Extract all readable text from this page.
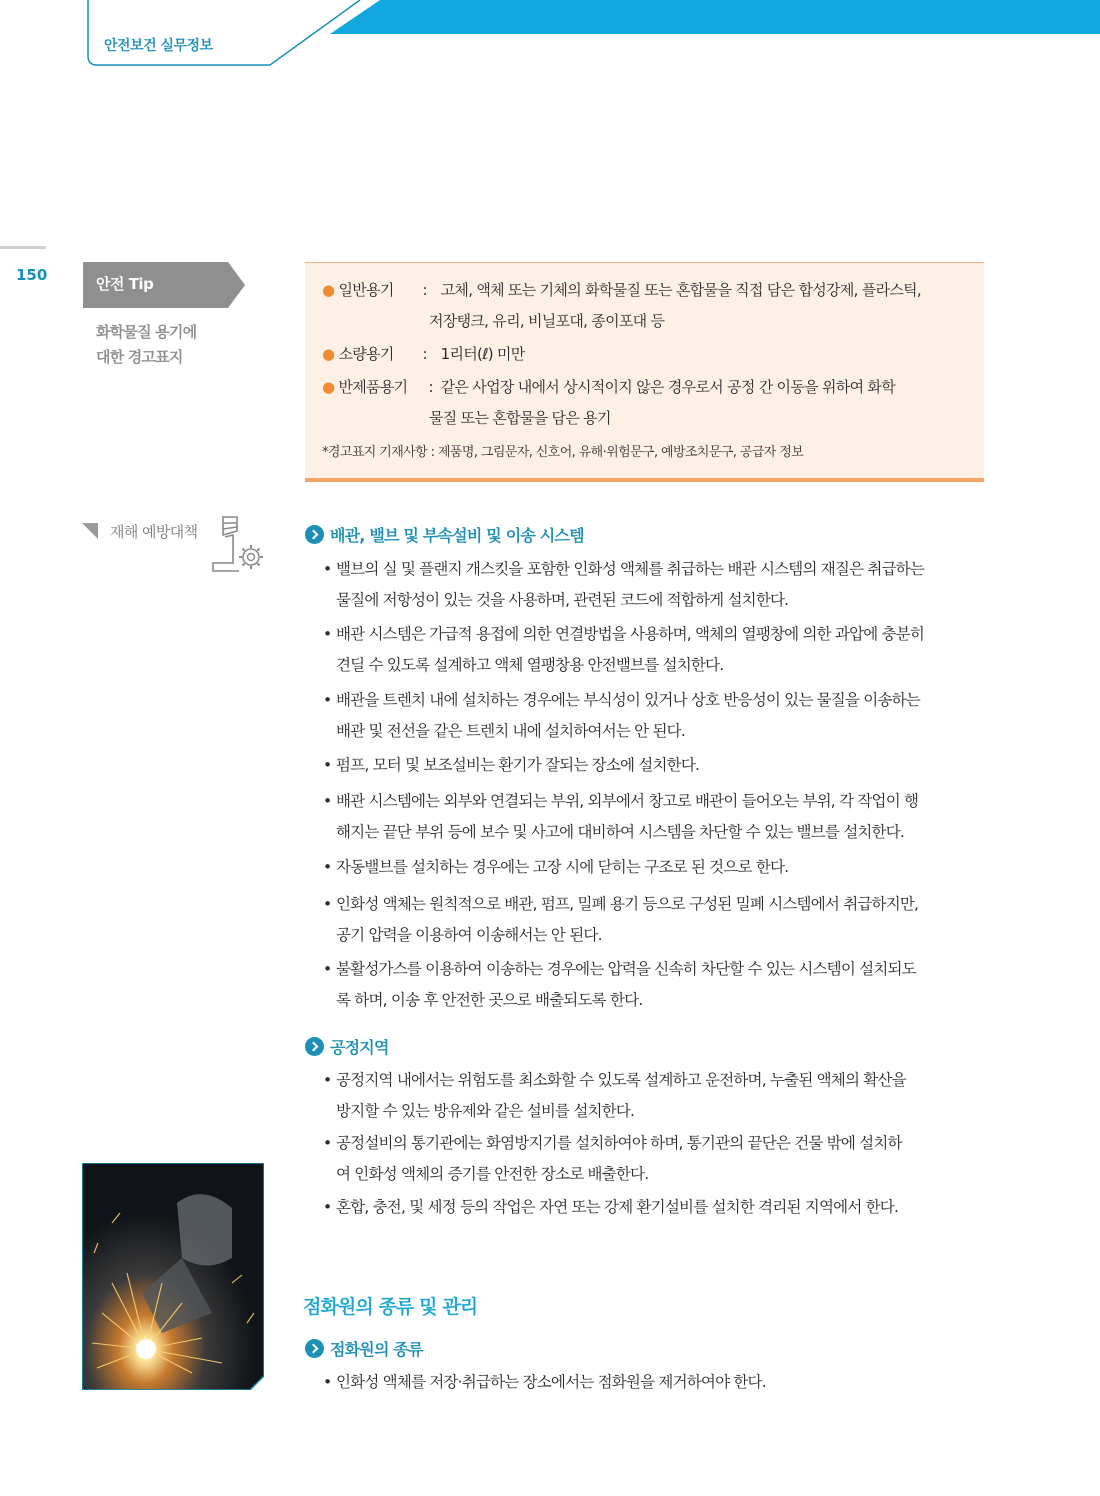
안전보건 실무정보
150	안전 Tip
화학물질 용기에
대한 경고표지
● 일반용기 : 고체, 액체 또는 기체의 화학물질 또는 혼합물을 직접 담은 합성강제, 플라스틱,
저장탱크, 유리, 비닐포대, 종이포대 등
● 소량용기 : 1리터(ℓ) 미만
● 반제품용기 : 같은 사업장 내에서 상시적이지 않은 경우로서 공정 간 이동을 위하여 화학
물질 또는 혼합물을 담은 용기
*경고표지 기재사항 : 제품명, 그림문자, 신호어, 유해·위험문구, 예방조치문구, 공급자 정보
재해 예방대책	배관, 밸브 및 부속설비 및 이송 시스템
• 밸브의 실 및 플랜지 개스킷을 포함한 인화성 액체를 취급하는 배관 시스템의 재질은 취급하는
물질에 저항성이 있는 것을 사용하며, 관련된 코드에 적합하게 설치한다.
• 배관 시스템은 가급적 용접에 의한 연결방법을 사용하며, 액체의 열팽창에 의한 과압에 충분히
견딜 수 있도록 설계하고 액체 열팽창용 안전밸브를 설치한다.
• 배관을 트렌치 내에 설치하는 경우에는 부식성이 있거나 상호 반응성이 있는 물질을 이송하는
배관 및 전선을 같은 트렌치 내에 설치하여서는 안 된다.
• 펌프, 모터 및 보조설비는 환기가 잘되는 장소에 설치한다.
• 배관 시스템에는 외부와 연결되는 부위, 외부에서 창고로 배관이 들어오는 부위, 각 작업이 행
해지는 끝단 부위 등에 보수 및 사고에 대비하여 시스템을 차단할 수 있는 밸브를 설치한다.
• 자동밸브를 설치하는 경우에는 고장 시에 닫히는 구조로 된 것으로 한다.
• 인화성 액체는 원칙적으로 배관, 펌프, 밀폐 용기 등으로 구성된 밀폐 시스템에서 취급하지만,
공기 압력을 이용하여 이송해서는 안 된다.
• 불활성가스를 이용하여 이송하는 경우에는 압력을 신속히 차단할 수 있는 시스템이 설치되도
록 하며, 이송 후 안전한 곳으로 배출되도록 한다.
공정지역
• 공정지역 내에서는 위험도를 최소화할 수 있도록 설계하고 운전하며, 누출된 액체의 확산을
방지할 수 있는 방유제와 같은 설비를 설치한다.
• 공정설비의 통기관에는 화염방지기를 설치하여야 하며, 통기관의 끝단은 건물 밖에 설치하
여 인화성 액체의 증기를 안전한 장소로 배출한다.
• 혼합, 충전, 및 세정 등의 작업은 자연 또는 강제 환기설비를 설치한 격리된 지역에서 한다.
점화원의 종류 및 관리
점화원의 종류
• 인화성 액체를 저장·취급하는 장소에서는 점화원을 제거하여야 한다.
